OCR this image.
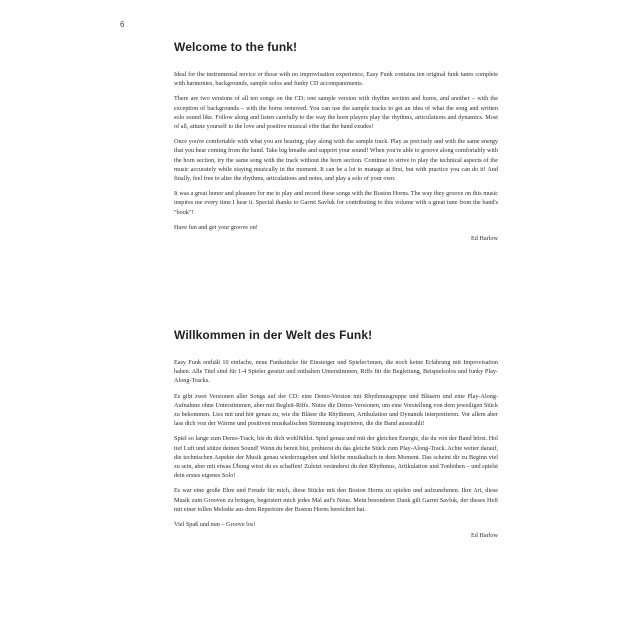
6
Welcome to the funk!

Ideal for the instrumental novice or those with no improvisation experience, Easy Funk contains ten original funk tunes complete with harmonies, backgrounds, sample solos and funky CD accompaniments.

There are two versions of all ten songs on the CD; one sample version with rhythm section and horns, and another – with the exception of backgrounds – with the horns removed. You can use the sample tracks to get an idea of what the song and written solo sound like. Follow along and listen carefully to the way the horn players play the rhythms, articulations and dynamics. Most of all, attune yourself to the love and positive musical vibe that the band exudes!

Once you're comfortable with what you are hearing, play along with the sample track. Play as precisely and with the same energy that you hear coming from the band. Take big breaths and support your sound! When you're able to groove along comfortably with the horn section, try the same song with the track without the horn section. Continue to strive to play the technical aspects of the music accurately while staying musically in the moment. It can be a lot to manage at first, but with practice you can do it! And finally, feel free to alter the rhythms, articulations and notes, and play a solo of your own.

It was a great honor and pleasure for me to play and record these songs with the Boston Horns. The way they groove on this music inspires me every time I hear it. Special thanks to Garret Savluk for contributing to this volume with a great tune from the band's "book"!

Have fun and get your groove on!

Ed Harlow

Willkommen in der Welt des Funk!

Easy Funk enthält 10 einfache, neue Funkstücke für Einsteiger und Spieler/innen, die noch keine Erfahrung mit Improvisation haben. Alle Titel sind für 1-4 Spieler gesetzt und enthalten Unterstimmen, Riffs für die Begleitung, Beispielsolos und funky Play-Along-Tracks.

Es gibt zwei Versionen aller Songs auf der CD: eine Demo-Version mit Rhythmusgruppe und Bläsern und eine Play-Along-Aufnahme ohne Unterstimmen, aber mit Begleit-Riffs. Nutze die Demo-Versionen, um eine Vorstellung von dem jeweiligen Stück zu bekommen. Lies mit und hör genau zu, wie die Bläser die Rhythmen, Artikulation und Dynamik interpretieren. Vor allem aber lass dich von der Wärme und positiven musikalischen Stimmung inspirieren, die die Band ausstrahlt!

Spiel so lange zum Demo-Track, bis du dich wohlfühlst. Spiel genau und mit der gleichen Energie, die du von der Band hörst. Hol tief Luft und stütze deinen Sound! Wenn du bereit bist, probierst du das gleiche Stück zum Play-Along-Track. Achte weiter darauf, die technischen Aspekte der Musik genau wiederzugeben und bleibe musikalisch in dem Moment. Das scheint dir zu Beginn viel zu sein, aber mit etwas Übung wirst du es schaffen! Zuletzt veränderst du den Rhythmus, Artikulation und Tonhöhen – und spielst dein erstes eigenes Solo!

Es war eine große Ehre und Freude für mich, diese Stücke mit den Boston Horns zu spielen und aufzunehmen. Ihre Art, diese Musik zum Grooven zu bringen, begeistert mich jedes Mal auf's Neue. Mein besonderer Dank gilt Garret Savluk, der dieses Heft mit einer tollen Melodie aus dem Repertoire der Boston Horns bereichert hat.

Viel Spaß und nun – Groove los!

Ed Harlow
